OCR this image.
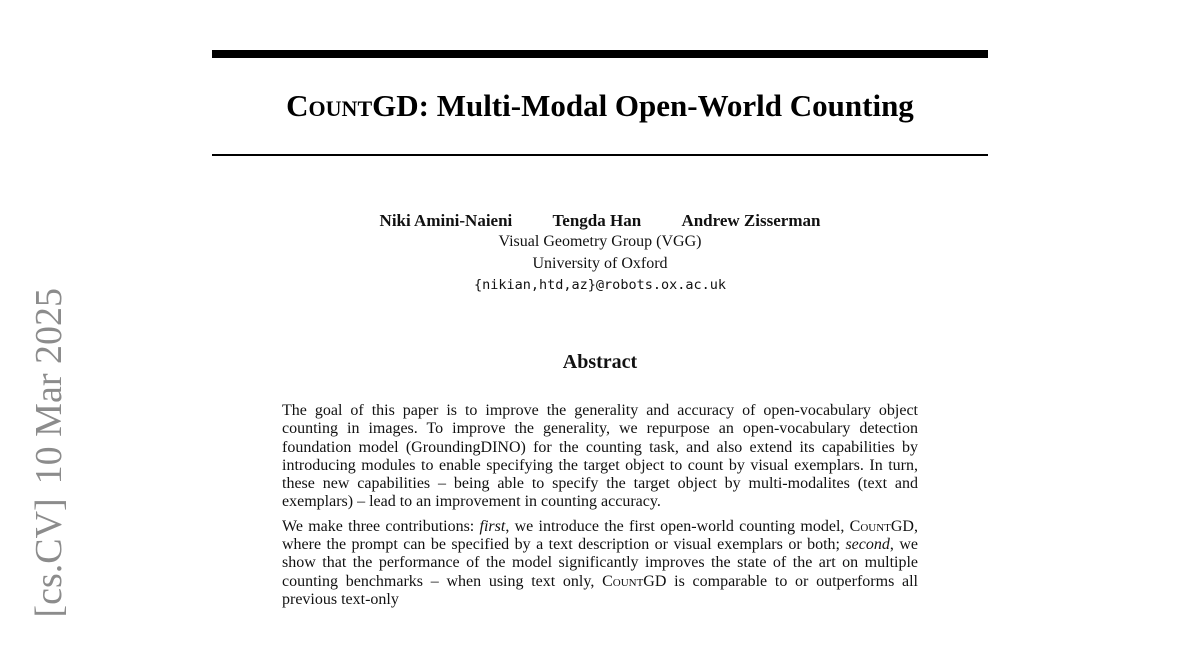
CountGD: Multi-Modal Open-World Counting
Niki Amini-Naieni Tengda Han Andrew Zisserman
Visual Geometry Group (VGG)
University of Oxford
{nikian,htd,az}@robots.ox.ac.uk
Abstract

The goal of this paper is to improve the generality and accuracy of open-vocabulary object counting in images. To improve the generality, we repurpose an open-vocabulary detection foundation model (GroundingDINO) for the counting task, and also extend its capabilities by introducing modules to enable specifying the target object to count by visual exemplars. In turn, these new capabilities – being able to specify the target object by multi-modalites (text and exemplars) – lead to an improvement in counting accuracy.

We make three contributions: first, we introduce the first open-world counting model, CountGD, where the prompt can be specified by a text description or visual exemplars or both; second, we show that the performance of the model significantly improves the state of the art on multiple counting benchmarks – when using text only, CountGD is comparable to or outperforms all previous text-only

[cs.CV]10 Mar 2025
